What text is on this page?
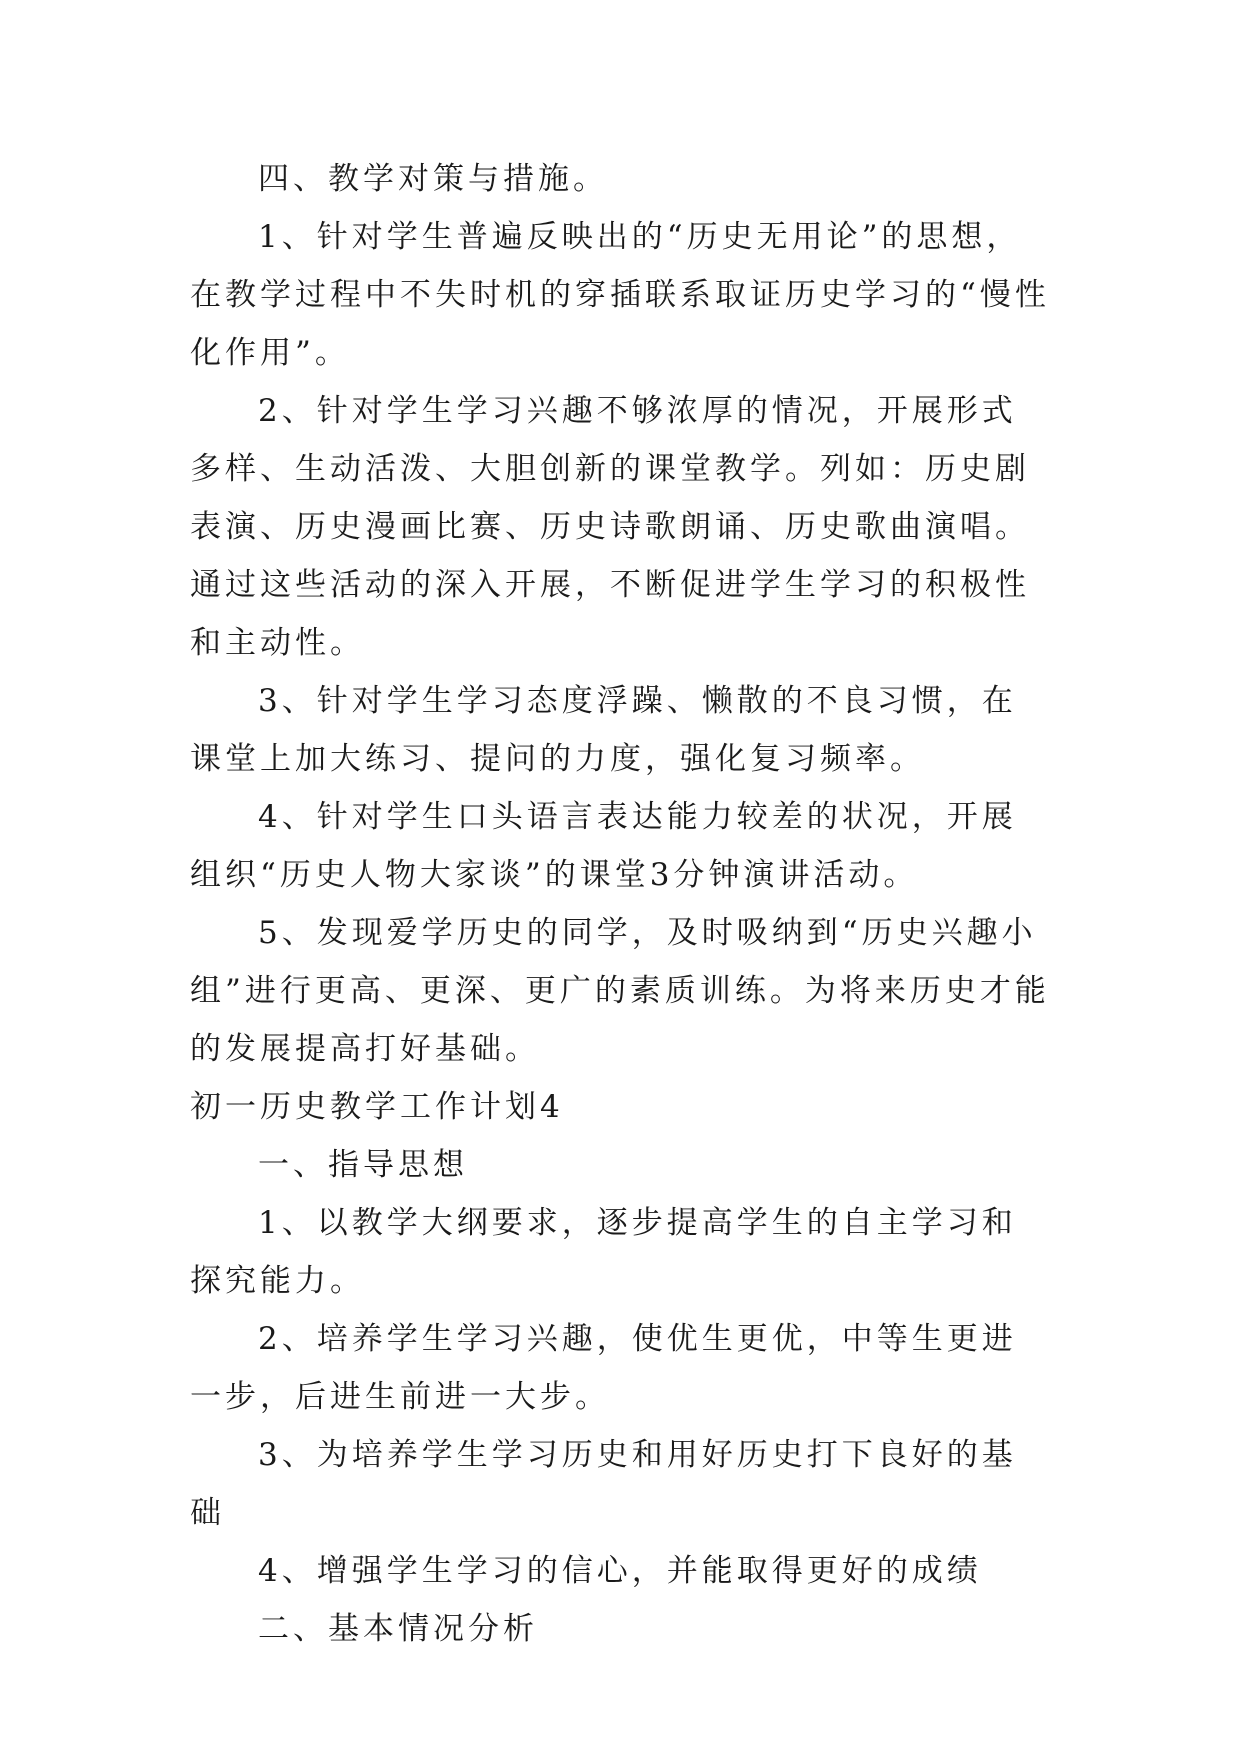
四、教学对策与措施。

1、针对学生普遍反映出的“历史无用论”的思想，在教学过程中不失时机的穿插联系取证历史学习的“慢性化作用”。

2、针对学生学习兴趣不够浓厚的情况，开展形式多样、生动活泼、大胆创新的课堂教学。列如：历史剧表演、历史漫画比赛、历史诗歌朗诵、历史歌曲演唱。通过这些活动的深入开展，不断促进学生学习的积极性和主动性。

3、针对学生学习态度浮躁、懒散的不良习惯，在课堂上加大练习、提问的力度，强化复习频率。

4、针对学生口头语言表达能力较差的状况，开展组织“历史人物大家谈”的课堂3分钟演讲活动。

5、发现爱学历史的同学，及时吸纳到“历史兴趣小组”进行更高、更深、更广的素质训练。为将来历史才能的发展提高打好基础。

初一历史教学工作计划4

一、指导思想

1、以教学大纲要求，逐步提高学生的自主学习和探究能力。

2、培养学生学习兴趣，使优生更优，中等生更进一步，后进生前进一大步。

3、为培养学生学习历史和用好历史打下良好的基础

4、增强学生学习的信心，并能取得更好的成绩

二、基本情况分析
